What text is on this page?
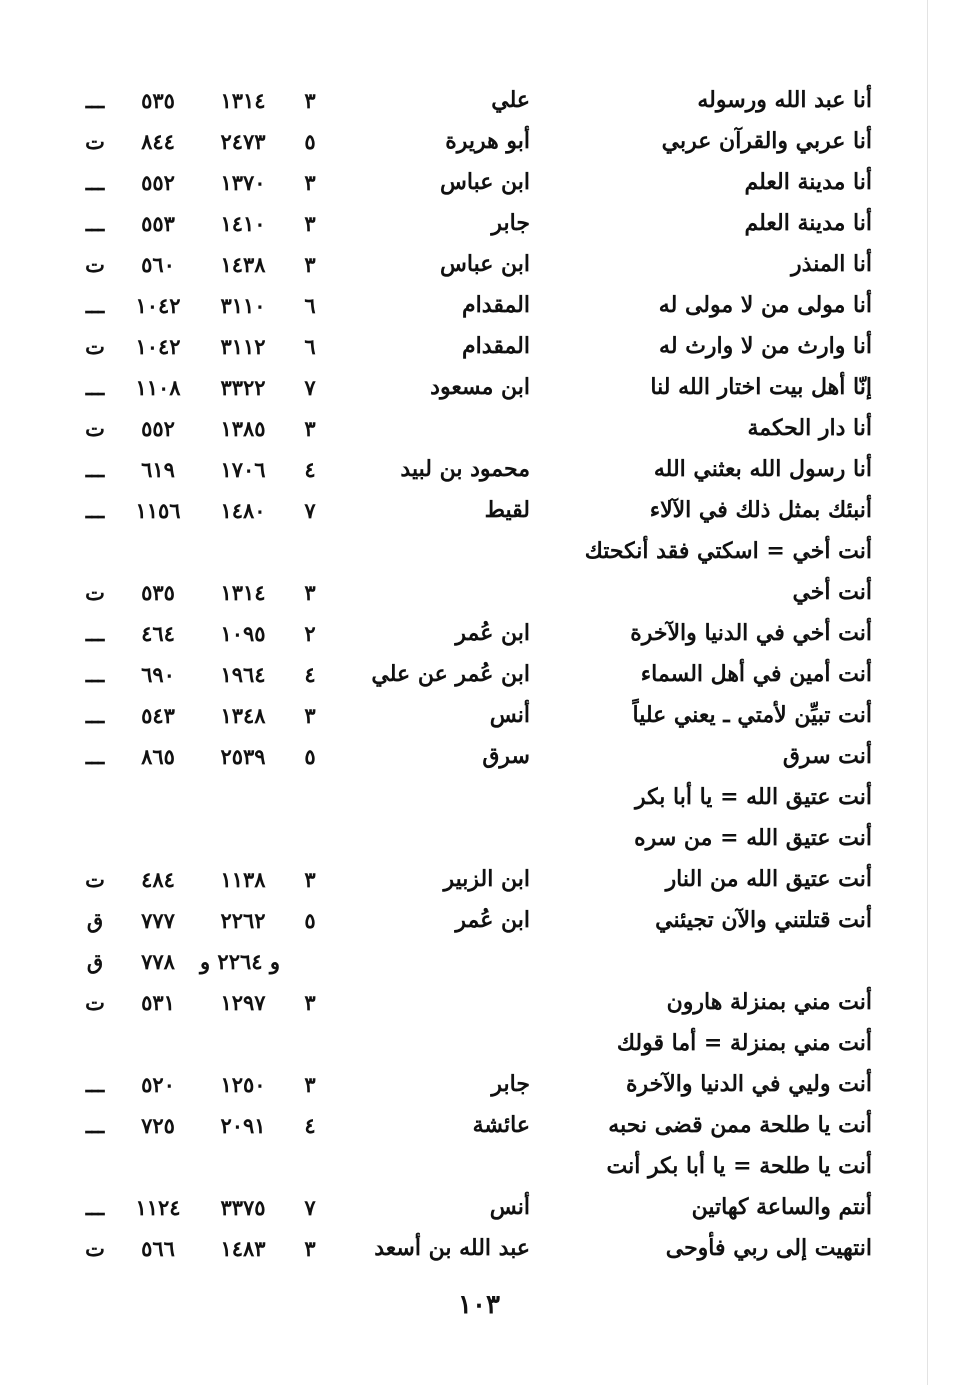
أنا عبد الله ورسوله
علي
٣
١٣١٤
٥٣٥
ـــ
أنا عربي والقرآن عربي
أبو هريرة
٥
٢٤٧٣
٨٤٤
ت
أنا مدينة العلم
ابن عباس
٣
١٣٧٠
٥٥٢
ـــ
أنا مدينة العلم
جابر
٣
١٤١٠
٥٥٣
ـــ
أنا المنذر
ابن عباس
٣
١٤٣٨
٥٦٠
ت
أنا مولى من لا مولى له
المقدام
٦
٣١١٠
١٠٤٢
ـــ
أنا وارث من لا وارث له
المقدام
٦
٣١١٢
١٠٤٢
ت
إنّا أهل بيت اختار الله لنا
ابن مسعود
٧
٣٣٢٢
١١٠٨
ـــ
أنا دار الحكمة
٣
١٣٨٥
٥٥٢
ت
أنا رسول الله بعثني الله
محمود بن لبيد
٤
١٧٠٦
٦١٩
ـــ
أنبئك بمثل ذلك في الآلاء
لقيط
٧
١٤٨٠
١١٥٦
ـــ
أنت أخي = اسكتي فقد أنكحتك
أنت أخي
٣
١٣١٤
٥٣٥
ت
أنت أخي في الدنيا والآخرة
ابن عُمر
٢
١٠٩٥
٤٦٤
ـــ
أنت أمين في أهل السماء
ابن عُمر عن علي
٤
١٩٦٤
٦٩٠
ـــ
أنت تبيِّن لأمتي ـ يعني علياً
أنس
٣
١٣٤٨
٥٤٣
ـــ
أنت سرق
سرق
٥
٢٥٣٩
٨٦٥
ـــ
أنت عتيق الله = يا أبا بكر
أنت عتيق الله = من سره
أنت عتيق الله من النار
ابن الزبير
٣
١١٣٨
٤٨٤
ت
أنت قتلتني والآن تجيئني
ابن عُمر
٥
٢٢٦٢
٧٧٧
ق
و ٢٢٦٤ و
٧٧٨
ق
أنت مني بمنزلة هارون
٣
١٢٩٧
٥٣١
ت
أنت مني بمنزلة = أما قولك
أنت وليي في الدنيا والآخرة
جابر
٣
١٢٥٠
٥٢٠
ـــ
أنت يا طلحة ممن قضى نحبه
عائشة
٤
٢٠٩١
٧٢٥
ـــ
أنت يا طلحة = يا أبا بكر أنت
أنتم والساعة كهاتين
أنس
٧
٣٣٧٥
١١٢٤
ـــ
انتهيت إلى ربي فأوحى
عبد الله بن أسعد
٣
١٤٨٣
٥٦٦
ت
١٠٣
